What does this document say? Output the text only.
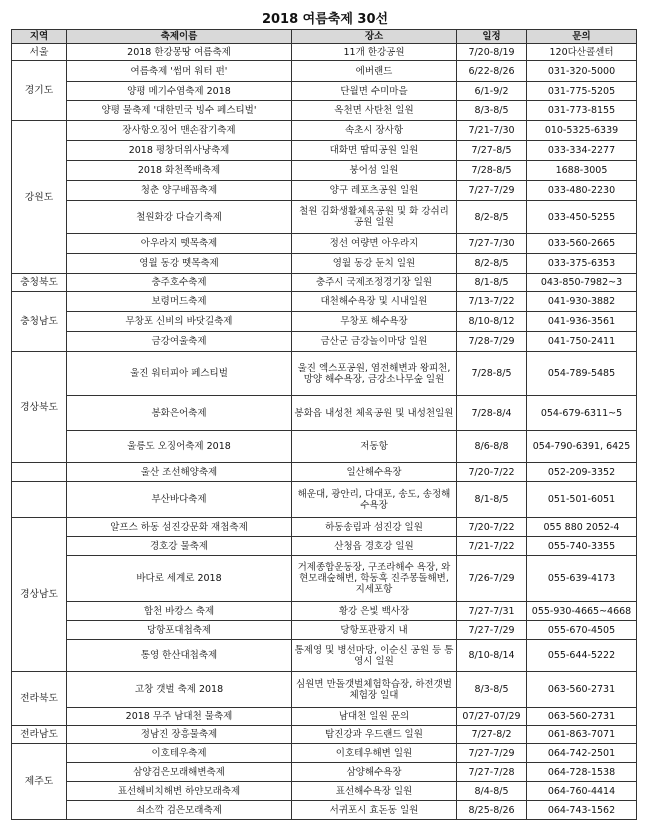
2018 여름축제 30선
지역	축제이름	장소	일정	문의
서울	2018 한강몽땅 여름축제	11개 한강공원	7/20-8/19	120다산콜센터
경기도	여름축제 '썸머 워터 펀'	에버랜드	6/22-8/26	031-320-5000
	양평 메기수염축제 2018	단월면 수미마을	6/1-9/2	031-775-5205
	양평 물축제 '대한민국 빙수 페스티벌'	옥천면 사탄천 일원	8/3-8/5	031-773-8155
강원도	장사항오징어 맨손잡기축제	속초시 장사항	7/21-7/30	010-5325-6339
	2018 평창더위사냥축제	대화면 땀띠공원 일원	7/27-8/5	033-334-2277
	2018 화천쪽배축제	붕어섬 일원	7/28-8/5	1688-3005
	청춘 양구배꼽축제	양구 레포츠공원 일원	7/27-7/29	033-480-2230
	철원화강 다슬기축제	철원 김화생활체육공원 및 화 강쉬리 공원 일원	8/2-8/5	033-450-5255
	아우라지 뗏목축제	정선 여량면 아우라지	7/27-7/30	033-560-2665
	영월 동강 뗏목축제	영월 동강 둔치 일원	8/2-8/5	033-375-6353
충청북도	충주호수축제	충주시 국제조정경기장 일원	8/1-8/5	043-850-7982~3
충청남도	보령머드축제	대천해수욕장 및 시내일원	7/13-7/22	041-930-3882
	무창포 신비의 바닷길축제	무창포 해수욕장	8/10-8/12	041-936-3561
	금강여울축제	금산군 금강놀이마당 일원	7/28-7/29	041-750-2411
경상북도	울진 워터피아 페스티벌	울진 엑스포공원, 염전해변과 왕피천, 망양 해수욕장, 금강소나무숲 일원	7/28-8/5	054-789-5485
	봉화은어축제	봉화읍 내성천 체육공원 및 내성천일원	7/28-8/4	054-679-6311~5
	울릉도 오징어축제 2018	저동항	8/6-8/8	054-790-6391, 6425
	울산 조선해양축제	일산해수욕장	7/20-7/22	052-209-3352
	부산바다축제	해운대, 광안리, 다대포, 송도, 송정해수욕장	8/1-8/5	051-501-6051
경상남도	알프스 하동 섬진강문화 재첩축제	하동송림과 섬진강 일원	7/20-7/22	055 880 2052-4
	경호강 물축제	산청읍 경호강 일원	7/21-7/22	055-740-3355
	바다로 세계로 2018	거제종합운동장, 구조라해수 욕장, 와현모래숲해변, 학동흑 진주몽돌해변, 지세포항	7/26-7/29	055-639-4173
	합천 바캉스 축제	황강 은빛 백사장	7/27-7/31	055-930-4665~4668
	당항포대첩축제	당항포관광지 내	7/27-7/29	055-670-4505
	통영 한산대첩축제	통제영 및 병선마당, 이순신 공원 등 통영시 일원	8/10-8/14	055-644-5222
전라북도	고창 갯벌 축제 2018	심원면 만돌갯벌체험학습장, 하전갯벌체험장 일대	8/3-8/5	063-560-2731
	2018 무주 남대천 물축제	남대천 일원 문의	07/27-07/29	063-560-2731
전라남도	정남진 장흥물축제	탐진강과 우드랜드 일원	7/27-8/2	061-863-7071
제주도	이호테우축제	이호테우해변 일원	7/27-7/29	064-742-2501
	삼양검은모래해변축제	삼양해수욕장	7/27-7/28	064-728-1538
	표선해비치해변 하얀모래축제	표선해수욕장 일원	8/4-8/5	064-760-4414
	쇠소깍 검은모래축제	서귀포시 효돈동 일원	8/25-8/26	064-743-1562
